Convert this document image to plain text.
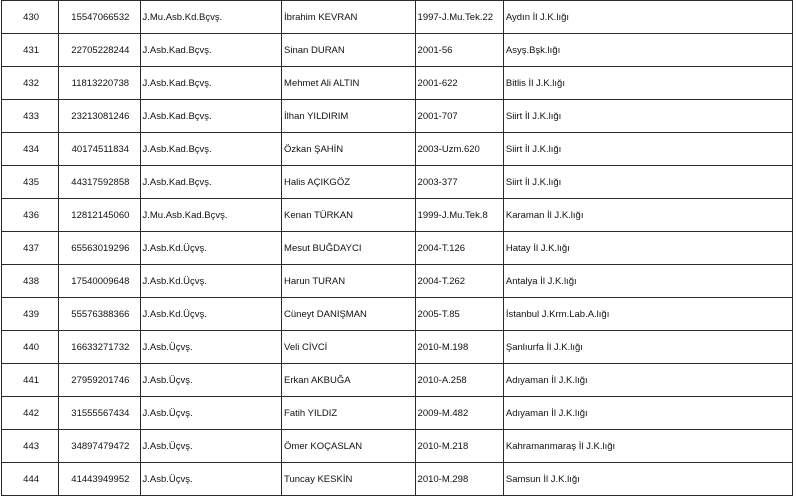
430	15547066532	J.Mu.Asb.Kd.Bçvş.	İbrahim KEVRAN	1997-J.Mu.Tek.22	Aydın İl J.K.lığı
431	22705228244	J.Asb.Kad.Bçvş.	Sinan DURAN	2001-56	Asyş.Bşk.lığı
432	11813220738	J.Asb.Kad.Bçvş.	Mehmet Ali ALTIN	2001-622	Bitlis İl J.K.lığı
433	23213081246	J.Asb.Kad.Bçvş.	İlhan YILDIRIM	2001-707	Siirt İl J.K.lığı
434	40174511834	J.Asb.Kad.Bçvş.	Özkan ŞAHİN	2003-Uzm.620	Siirt İl J.K.lığı
435	44317592858	J.Asb.Kad.Bçvş.	Halis AÇIKGÖZ	2003-377	Siirt İl J.K.lığı
436	12812145060	J.Mu.Asb.Kad.Bçvş.	Kenan TÜRKAN	1999-J.Mu.Tek.8	Karaman İl J.K.lığı
437	65563019296	J.Asb.Kd.Üçvş.	Mesut BUĞDAYCI	2004-T.126	Hatay İl J.K.lığı
438	17540009648	J.Asb.Kd.Üçvş.	Harun TURAN	2004-T.262	Antalya İl J.K.lığı
439	55576388366	J.Asb.Kd.Üçvş.	Cüneyt DANIŞMAN	2005-T.85	İstanbul J.Krm.Lab.A.lığı
440	16633271732	J.Asb.Üçvş.	Veli CİVCİ	2010-M.198	Şanlıurfa İl J.K.lığı
441	27959201746	J.Asb.Üçvş.	Erkan AKBUĞA	2010-A.258	Adıyaman İl J.K.lığı
442	31555567434	J.Asb.Üçvş.	Fatih YILDIZ	2009-M.482	Adıyaman İl J.K.lığı
443	34897479472	J.Asb.Üçvş.	Ömer KOÇASLAN	2010-M.218	Kahramanmaraş İl J.K.lığı
444	41443949952	J.Asb.Üçvş.	Tuncay KESKİN	2010-M.298	Samsun İl J.K.lığı
